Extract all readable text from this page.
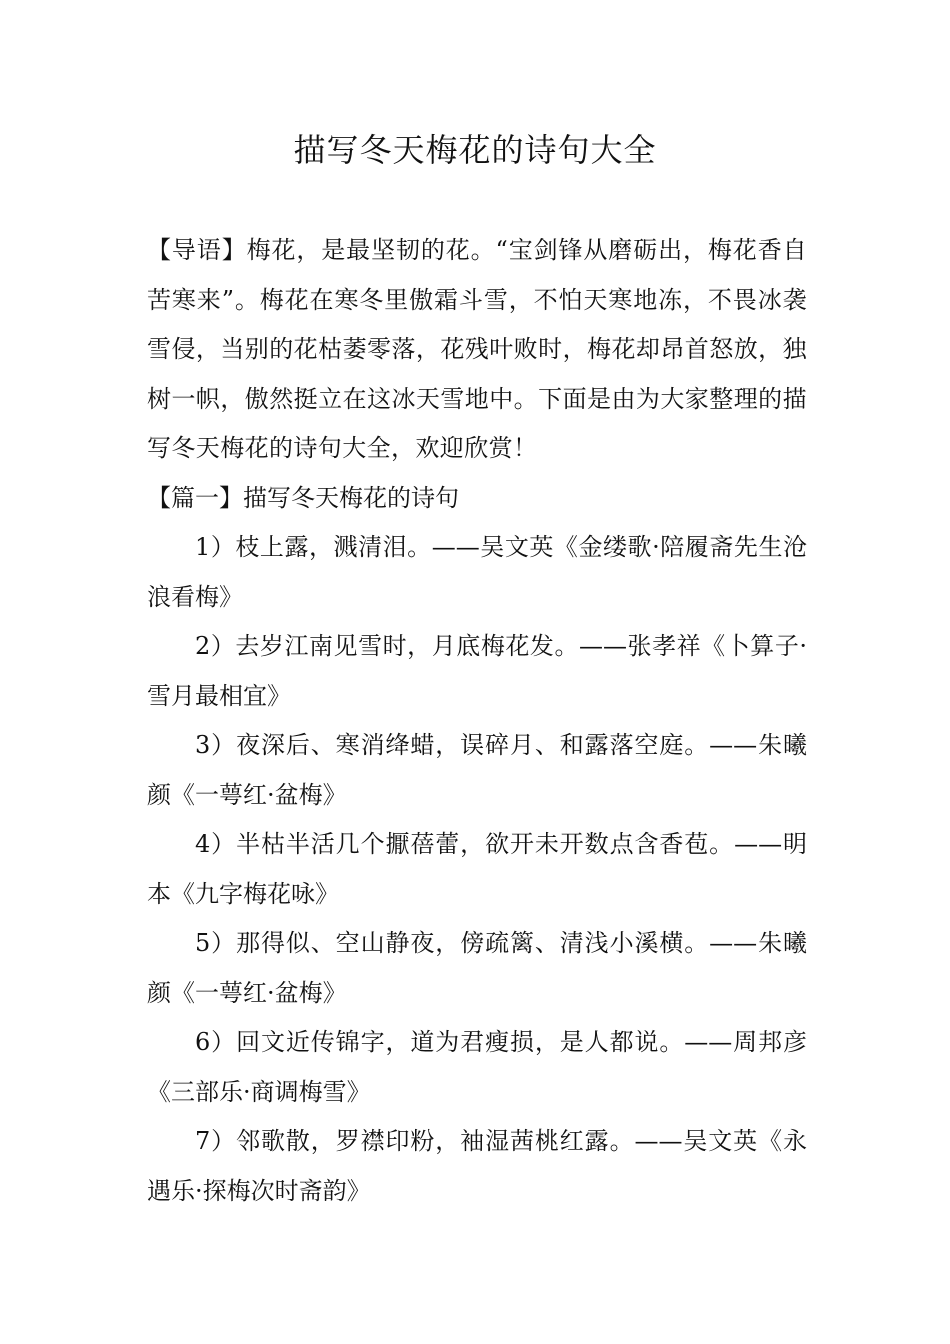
描写冬天梅花的诗句大全

【导语】梅花，是最坚韧的花。“宝剑锋从磨砺出，梅花香自苦寒来”。梅花在寒冬里傲霜斗雪，不怕天寒地冻，不畏冰袭雪侵，当别的花枯萎零落，花残叶败时，梅花却昂首怒放，独树一帜，傲然挺立在这冰天雪地中。下面是由为大家整理的描写冬天梅花的诗句大全，欢迎欣赏！

【篇一】描写冬天梅花的诗句

1）枝上露，溅清泪。——吴文英《金缕歌·陪履斋先生沧浪看梅》

2）去岁江南见雪时，月底梅花发。——张孝祥《卜算子·雪月最相宜》

3）夜深后、寒消绛蜡，误碎月、和露落空庭。——朱曦颜《一萼红·盆梅》

4）半枯半活几个擫蓓蕾，欲开未开数点含香苞。——明本《九字梅花咏》

5）那得似、空山静夜，傍疏篱、清浅小溪横。——朱曦颜《一萼红·盆梅》

6）回文近传锦字，道为君瘦损，是人都说。——周邦彦《三部乐·商调梅雪》

7）邻歌散，罗襟印粉，袖湿茜桃红露。——吴文英《永遇乐·探梅次时斋韵》
